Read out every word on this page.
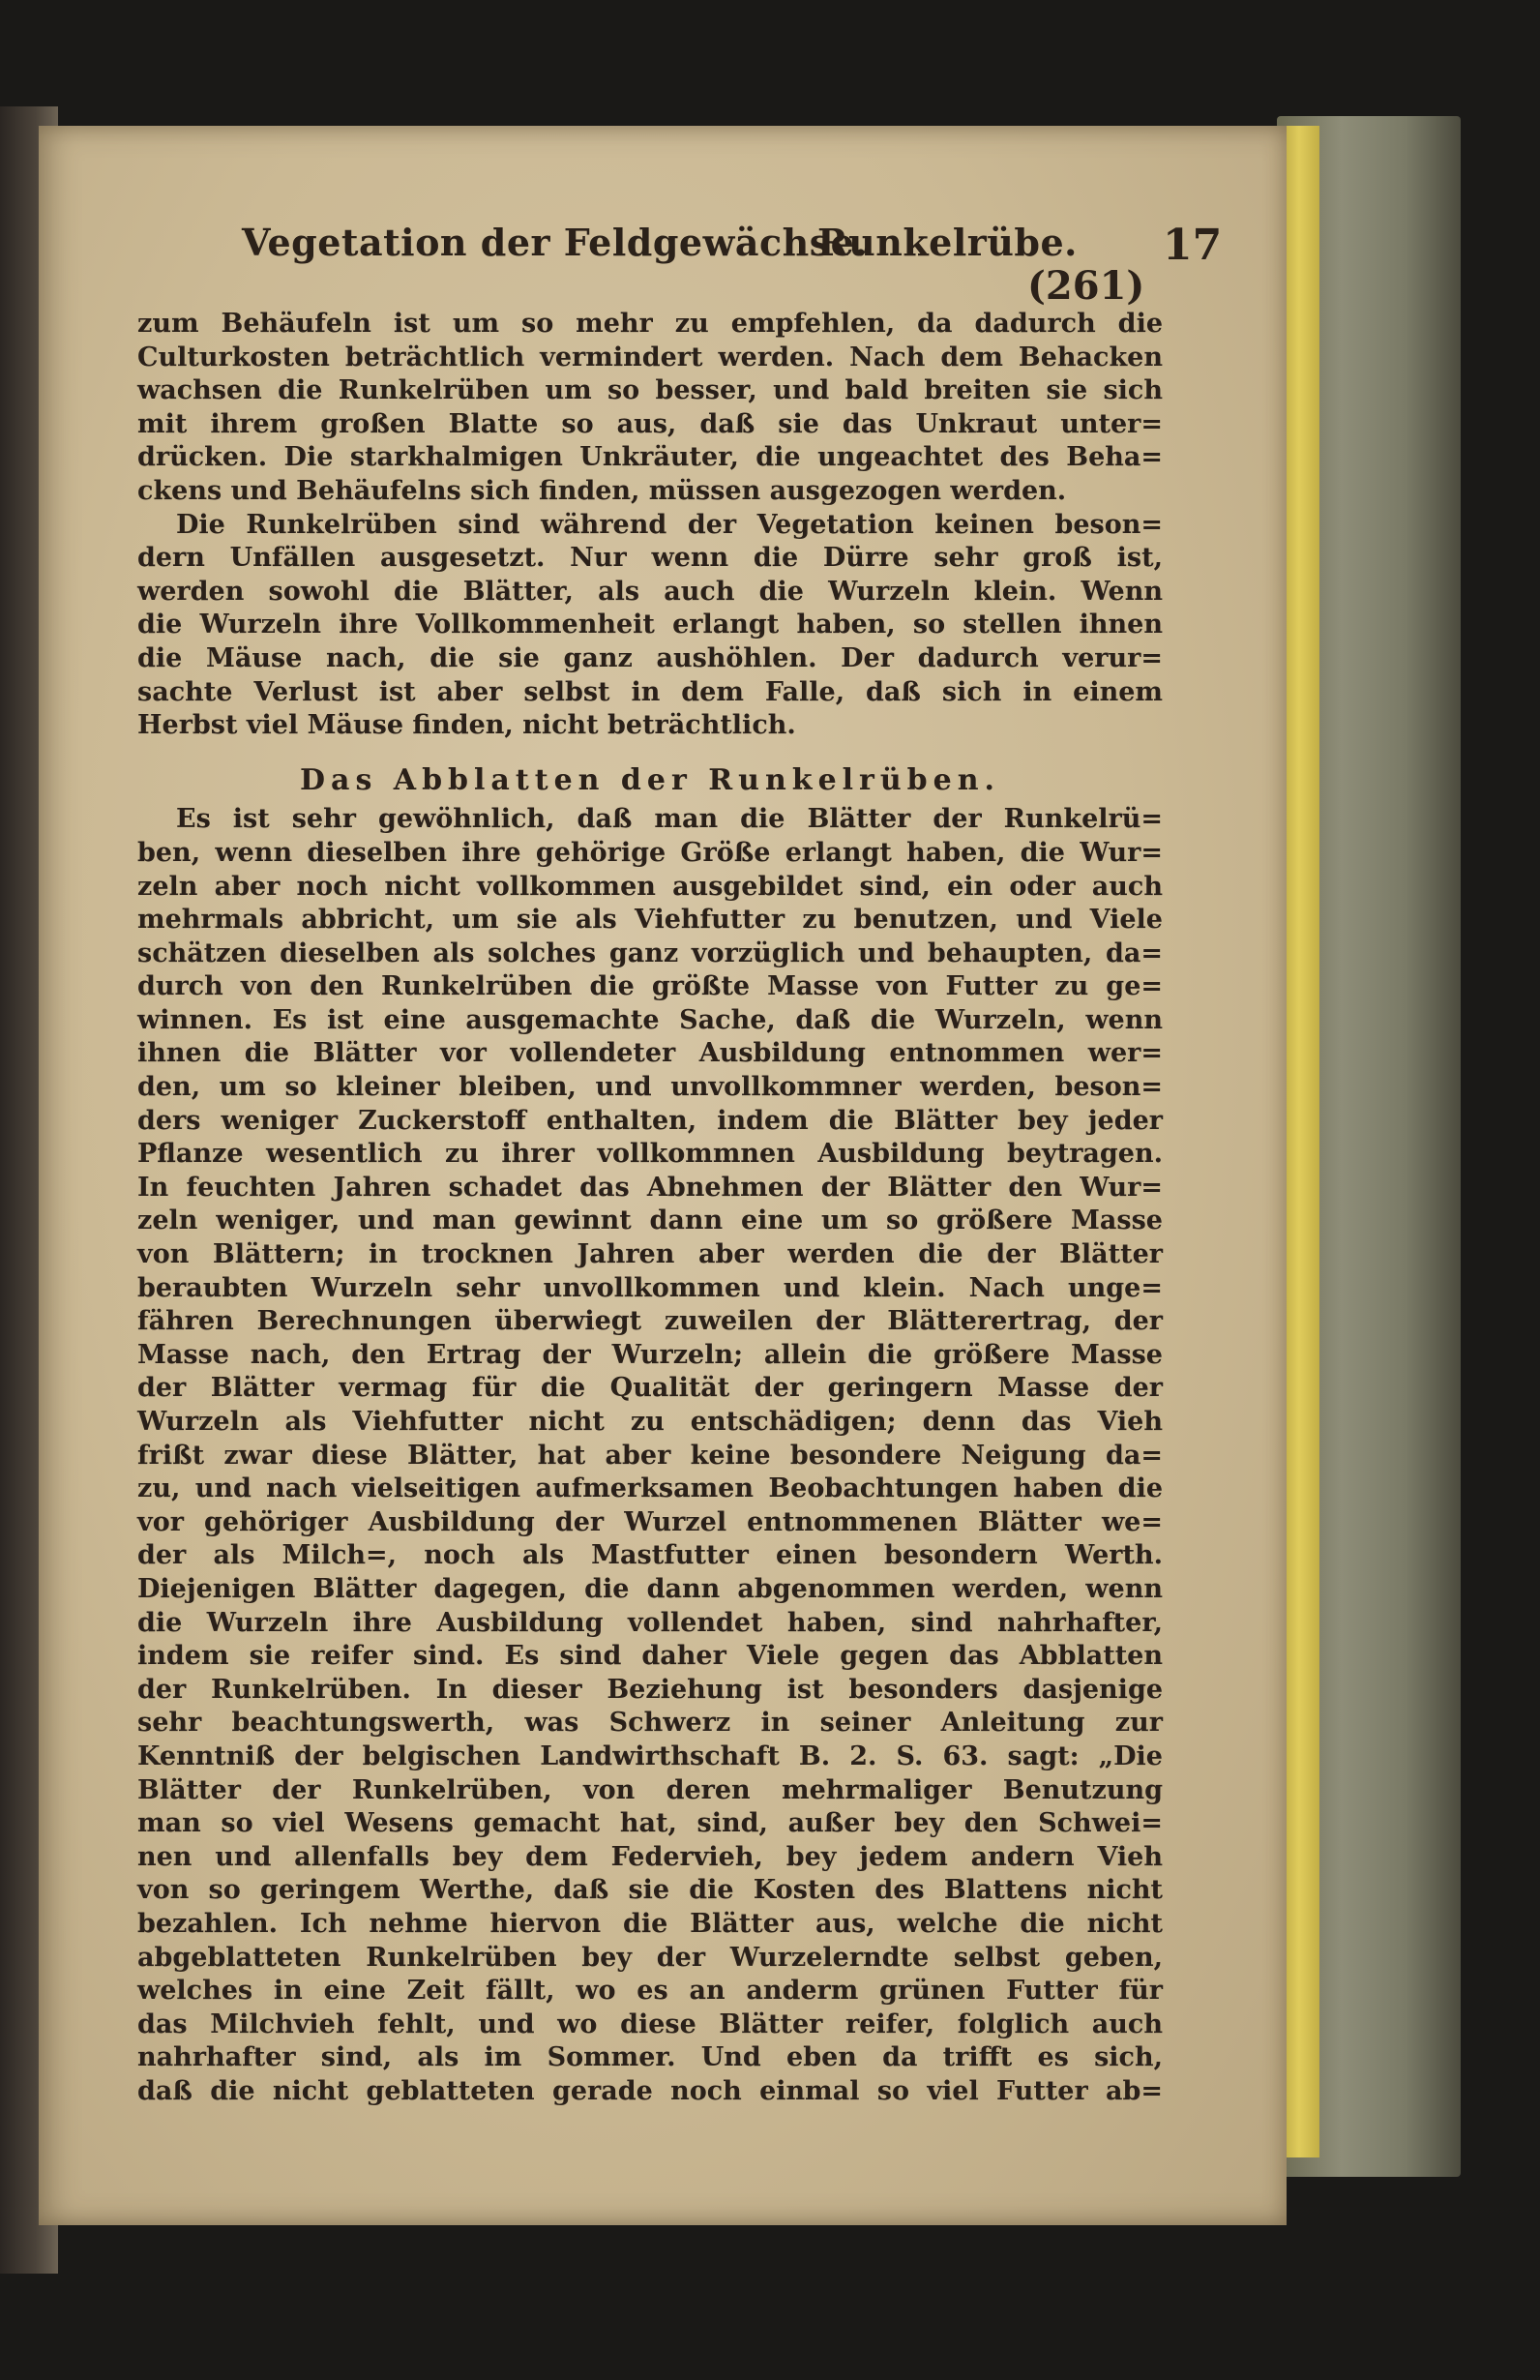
Vegetation der Feldgewächse.
Runkelrübe. 17
(261)
zum Behäufeln ist um so mehr zu empfehlen, da dadurch die
Culturkosten beträchtlich vermindert werden. Nach dem Behacken
wachsen die Runkelrüben um so besser, und bald breiten sie sich
mit ihrem großen Blatte so aus, daß sie das Unkraut unter=
drücken. Die starkhalmigen Unkräuter, die ungeachtet des Beha=
ckens und Behäufelns sich finden, müssen ausgezogen werden.
Die Runkelrüben sind während der Vegetation keinen beson=
dern Unfällen ausgesetzt. Nur wenn die Dürre sehr groß ist,
werden sowohl die Blätter, als auch die Wurzeln klein. Wenn
die Wurzeln ihre Vollkommenheit erlangt haben, so stellen ihnen
die Mäuse nach, die sie ganz aushöhlen. Der dadurch verur=
sachte Verlust ist aber selbst in dem Falle, daß sich in einem
Herbst viel Mäuse finden, nicht beträchtlich.
Das Abblatten der Runkelrüben.
Es ist sehr gewöhnlich, daß man die Blätter der Runkelrü=
ben, wenn dieselben ihre gehörige Größe erlangt haben, die Wur=
zeln aber noch nicht vollkommen ausgebildet sind, ein oder auch
mehrmals abbricht, um sie als Viehfutter zu benutzen, und Viele
schätzen dieselben als solches ganz vorzüglich und behaupten, da=
durch von den Runkelrüben die größte Masse von Futter zu ge=
winnen. Es ist eine ausgemachte Sache, daß die Wurzeln, wenn
ihnen die Blätter vor vollendeter Ausbildung entnommen wer=
den, um so kleiner bleiben, und unvollkommner werden, beson=
ders weniger Zuckerstoff enthalten, indem die Blätter bey jeder
Pflanze wesentlich zu ihrer vollkommnen Ausbildung beytragen.
In feuchten Jahren schadet das Abnehmen der Blätter den Wur=
zeln weniger, und man gewinnt dann eine um so größere Masse
von Blättern; in trocknen Jahren aber werden die der Blätter
beraubten Wurzeln sehr unvollkommen und klein. Nach unge=
fähren Berechnungen überwiegt zuweilen der Blätterertrag, der
Masse nach, den Ertrag der Wurzeln; allein die größere Masse
der Blätter vermag für die Qualität der geringern Masse der
Wurzeln als Viehfutter nicht zu entschädigen; denn das Vieh
frißt zwar diese Blätter, hat aber keine besondere Neigung da=
zu, und nach vielseitigen aufmerksamen Beobachtungen haben die
vor gehöriger Ausbildung der Wurzel entnommenen Blätter we=
der als Milch=, noch als Mastfutter einen besondern Werth.
Diejenigen Blätter dagegen, die dann abgenommen werden, wenn
die Wurzeln ihre Ausbildung vollendet haben, sind nahrhafter,
indem sie reifer sind. Es sind daher Viele gegen das Abblatten
der Runkelrüben. In dieser Beziehung ist besonders dasjenige
sehr beachtungswerth, was Schwerz in seiner Anleitung zur
Kenntniß der belgischen Landwirthschaft B. 2. S. 63. sagt: „Die
Blätter der Runkelrüben, von deren mehrmaliger Benutzung
man so viel Wesens gemacht hat, sind, außer bey den Schwei=
nen und allenfalls bey dem Federvieh, bey jedem andern Vieh
von so geringem Werthe, daß sie die Kosten des Blattens nicht
bezahlen. Ich nehme hiervon die Blätter aus, welche die nicht
abgeblatteten Runkelrüben bey der Wurzelerndte selbst geben,
welches in eine Zeit fällt, wo es an anderm grünen Futter für
das Milchvieh fehlt, und wo diese Blätter reifer, folglich auch
nahrhafter sind, als im Sommer. Und eben da trifft es sich,
daß die nicht geblatteten gerade noch einmal so viel Futter ab=
